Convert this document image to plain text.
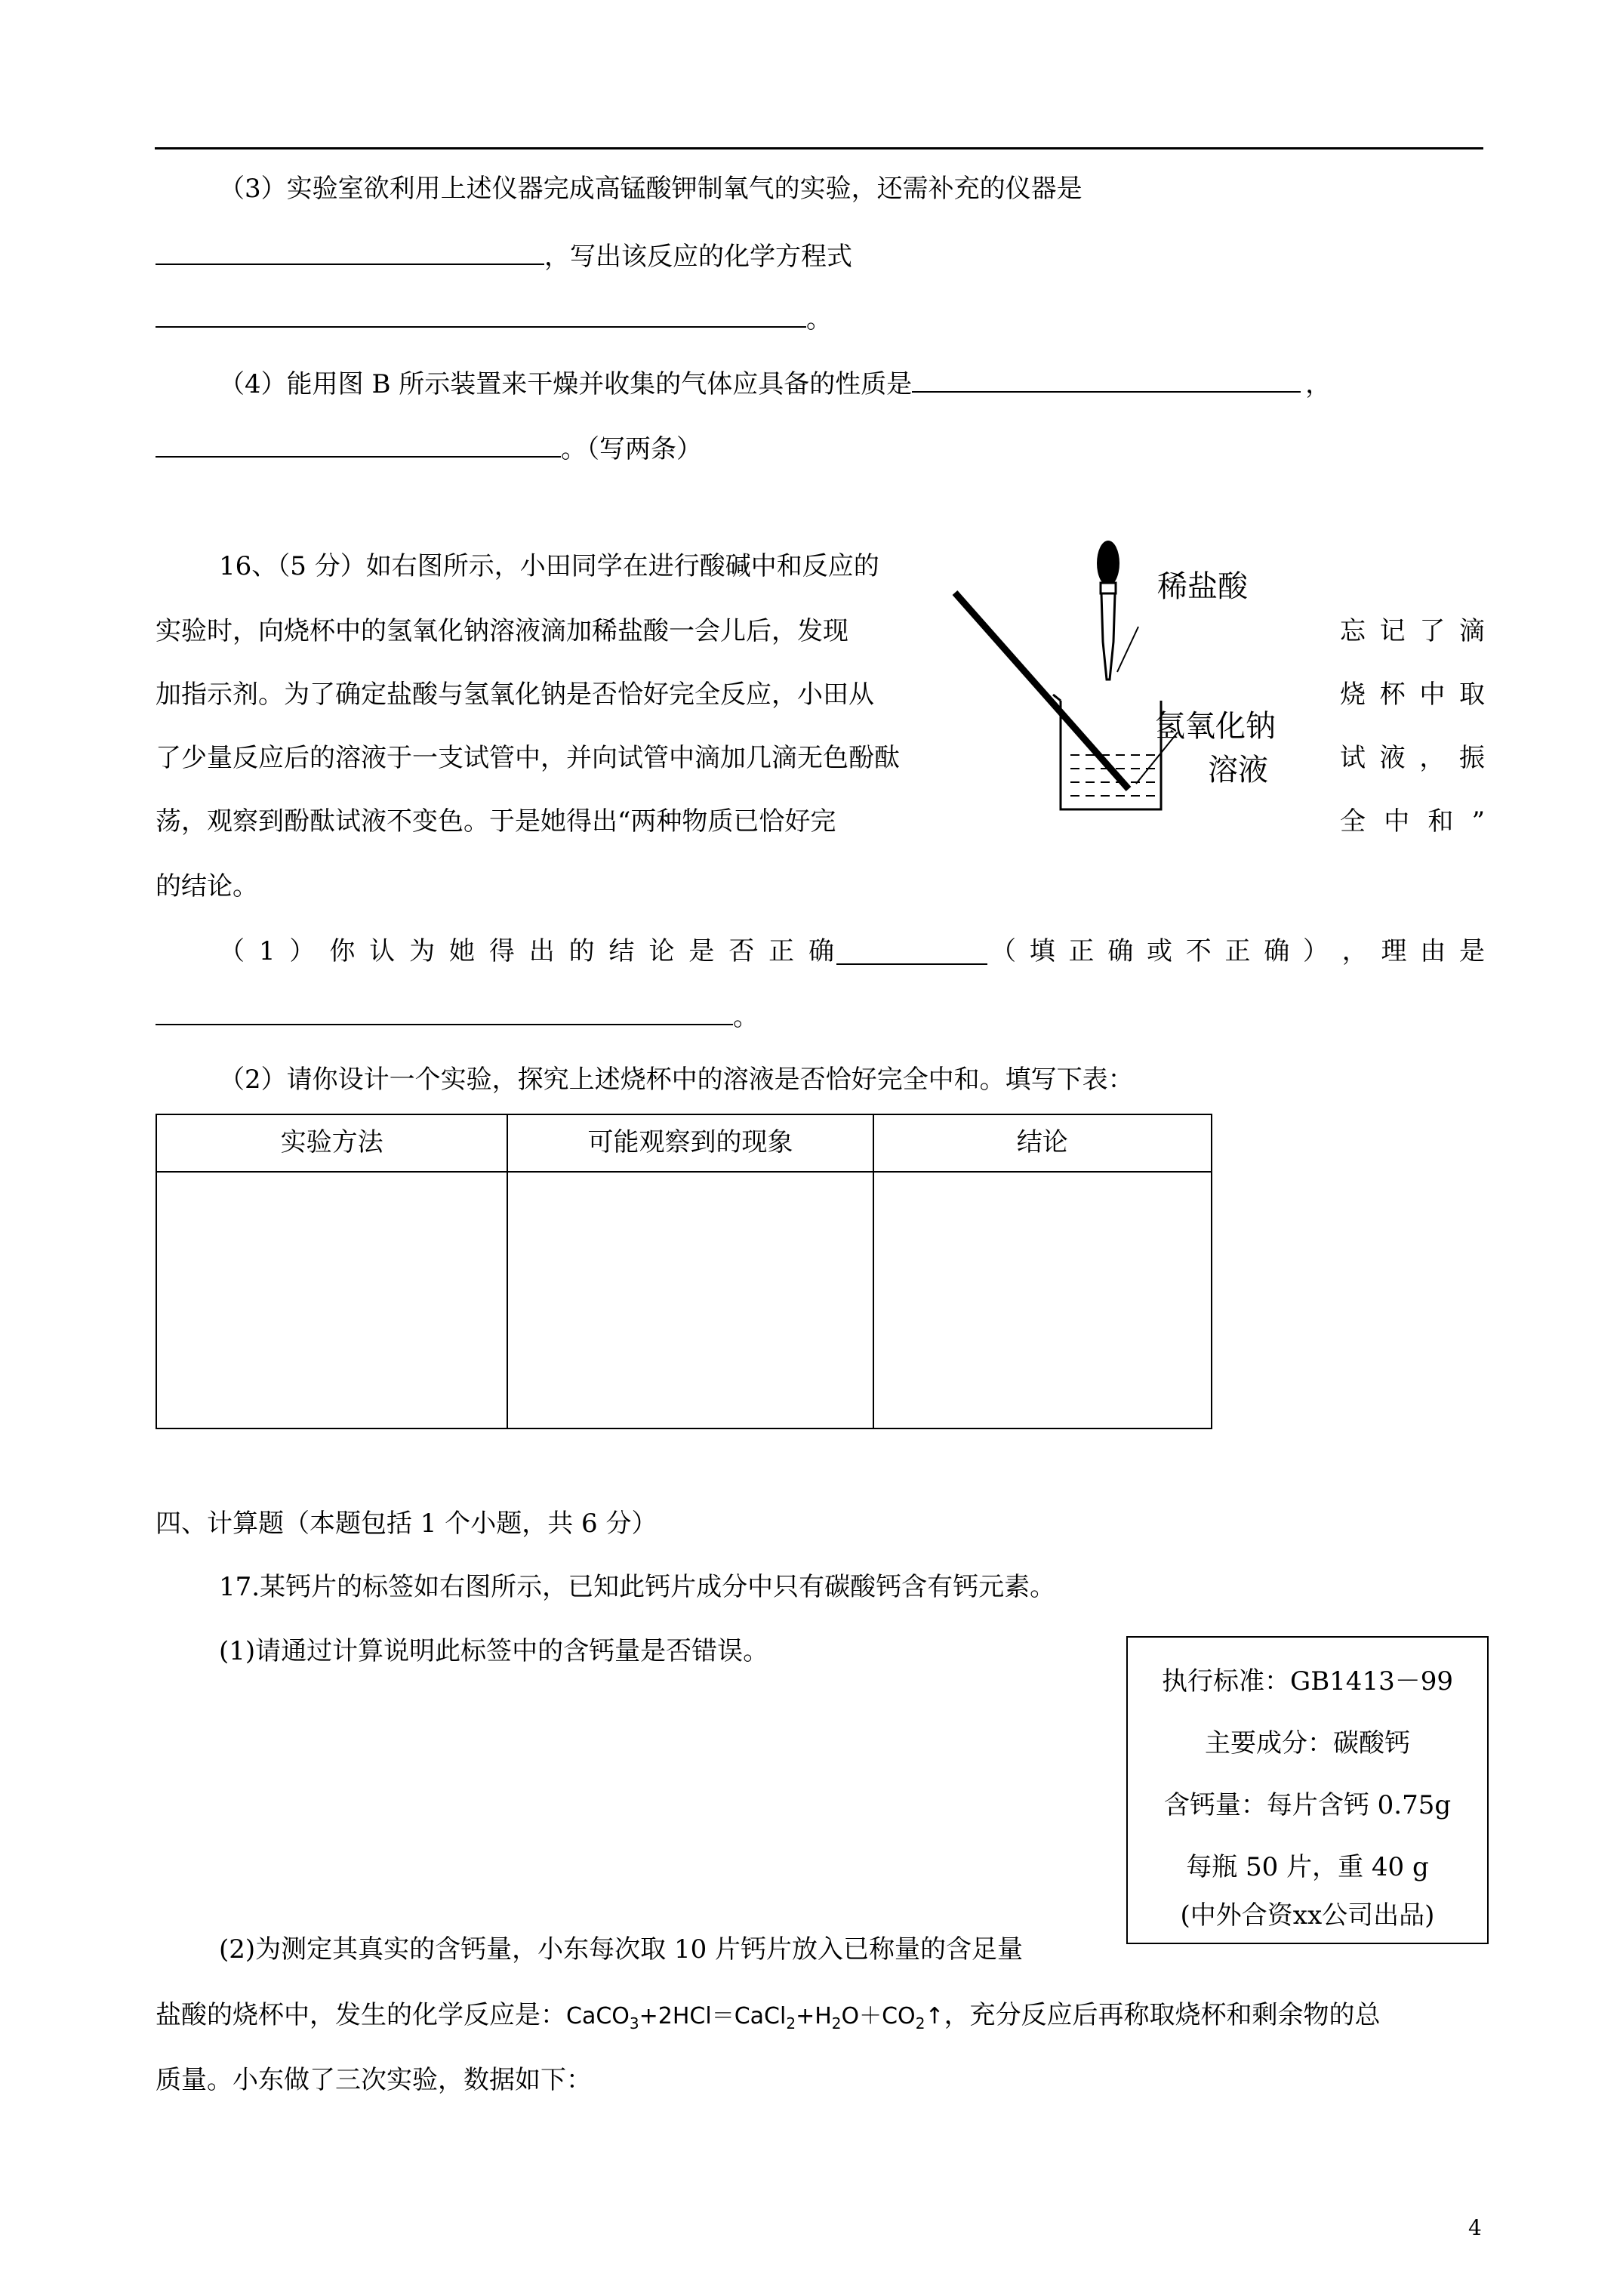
（3）实验室欲利用上述仪器完成高锰酸钾制氧气的实验，还需补充的仪器是
，写出该反应的化学方程式
。
（4）能用图 B 所示装置来干燥并收集的气体应具备的性质是	，
。（写两条）
16、（5 分）如右图所示，小田同学在进行酸碱中和反应的
实验时，向烧杯中的氢氧化钠溶液滴加稀盐酸一会儿后，发现
加指示剂。为了确定盐酸与氢氧化钠是否恰好完全反应，小田从
了少量反应后的溶液于一支试管中，并向试管中滴加几滴无色酚酞
荡，观察到酚酞试液不变色。于是她得出“两种物质已恰好完
的结论。
忘 记 了 滴
烧 杯 中 取
试 液 ， 振
全 中 和 ”
稀盐酸
氢氧化钠
溶液
（ 1 ） 你 认 为 她 得 出 的 结 论 是 否 正 确	（ 填 正 确 或 不 正 确 ） ， 理 由 是
。
（2）请你设计一个实验，探究上述烧杯中的溶液是否恰好完全中和。填写下表：
实验方法	可能观察到的现象	结论

四、计算题（本题包括 1 个小题，共 6 分）
17.某钙片的标签如右图所示，已知此钙片成分中只有碳酸钙含有钙元素。
(1)请通过计算说明此标签中的含钙量是否错误。
执行标准：GB1413－99
主要成分：碳酸钙
含钙量：每片含钙 0.75g
每瓶 50 片，重 40 g
(中外合资xx公司出品)
(2)为测定其真实的含钙量，小东每次取 10 片钙片放入已称量的含足量
盐酸的烧杯中，发生的化学反应是：$CaCO_3+2HCl=CaCl_2+H_2O+CO_2↑$，充分反应后再称取烧杯和剩余物的总
质量。小东做了三次实验，数据如下：
4
